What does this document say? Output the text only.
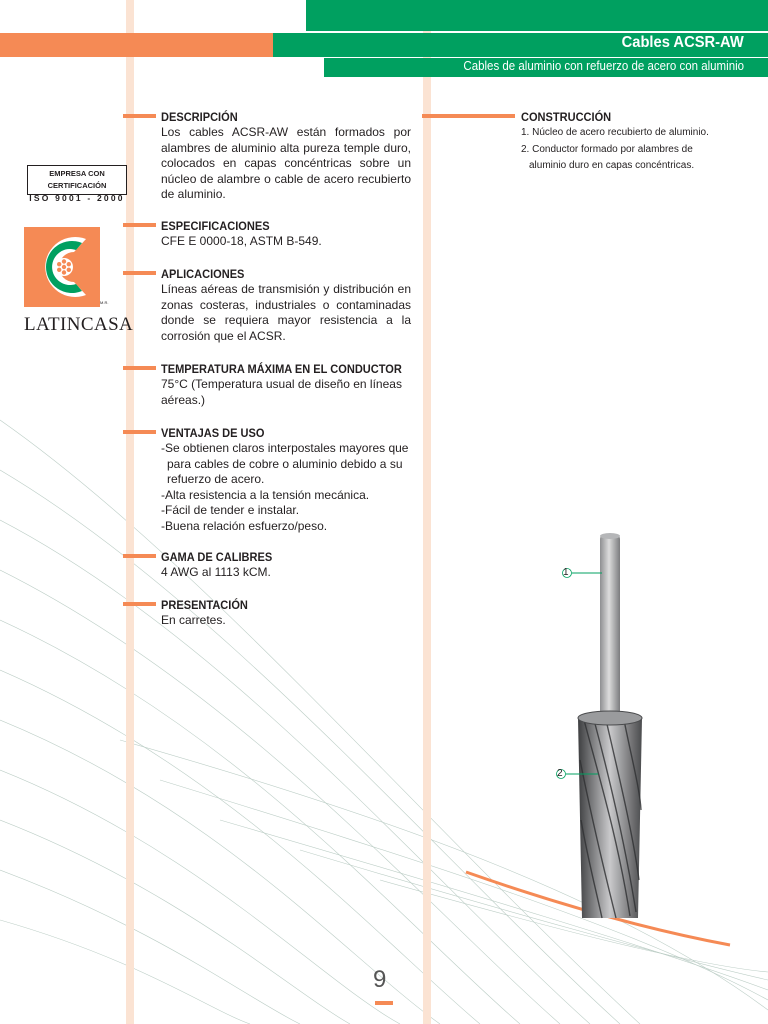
Cables ACSR-AW
Cables de aluminio con refuerzo de acero con aluminio
EMPRESA CON CERTIFICACIÓN
ISO 9001 - 2000
M.R.
LATINCASA
DESCRIPCIÓN

Los cables ACSR-AW están formados por alambres de aluminio alta pureza temple duro, colocados en capas concéntricas sobre un núcleo de alambre o cable de acero recubierto de aluminio.

ESPECIFICACIONES

CFE E 0000-18, ASTM B-549.

APLICACIONES

Líneas aéreas de transmisión y distribución en zonas costeras, industriales o contaminadas donde se requiera mayor resistencia a la corrosión que el ACSR.

TEMPERATURA MÁXIMA EN EL CONDUCTOR

75°C (Temperatura usual de diseño en líneas aéreas.)

VENTAJAS DE USO
-Se obtienen claros interpostales mayores que
para cables de cobre o aluminio debido a su
refuerzo de acero.
-Alta resistencia a la tensión mecánica.
-Fácil de tender e instalar.
-Buena relación esfuerzo/peso.
GAMA DE CALIBRES

4 AWG al 1113 kCM.

PRESENTACIÓN

En carretes.

CONSTRUCCIÓN
1. Núcleo de acero recubierto de aluminio.
2. Conductor formado por alambres de
aluminio duro en capas concéntricas.
1
2
9
